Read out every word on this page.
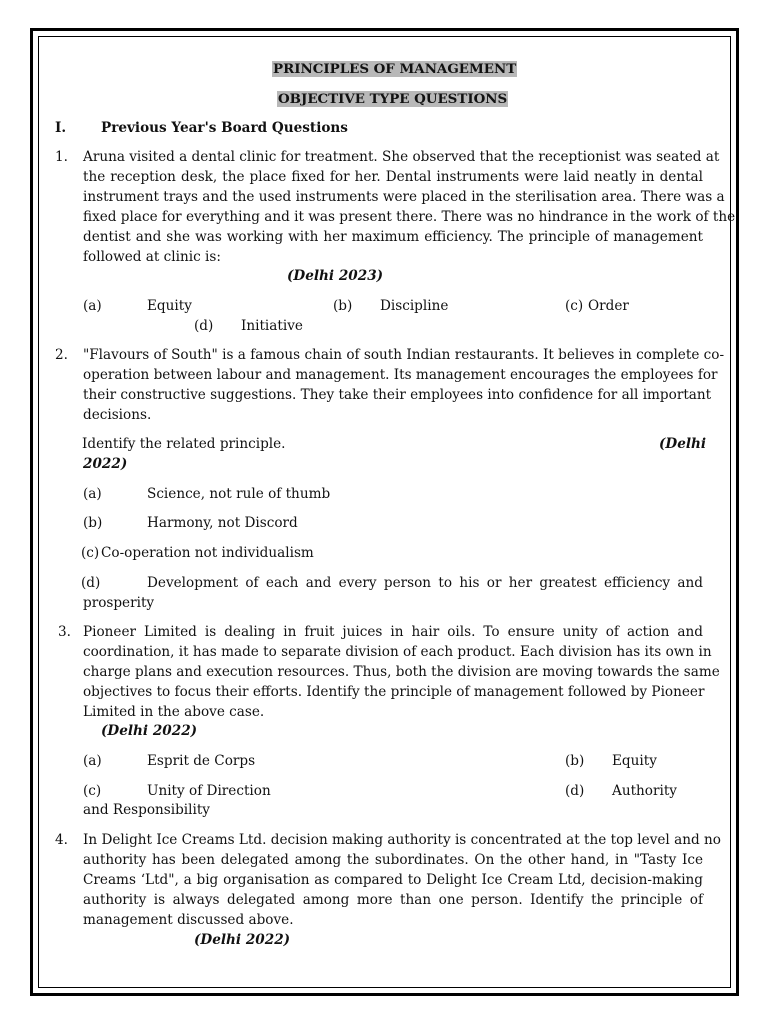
PRINCIPLES OF MANAGEMENT
OBJECTIVE TYPE QUESTIONS
I.	Previous Year's Board Questions
1. Aruna visited a dental clinic for treatment. She observed that the receptionist was seated at
the reception desk, the place fixed for her. Dental instruments were laid neatly in dental
instrument trays and the used instruments were placed in the sterilisation area. There was a
fixed place for everything and it was present there. There was no hindrance in the work of the
dentist and she was working with her maximum efficiency. The principle of management
followed at clinic is:
(Delhi 2023)
(a)	Equity	(b) Discipline	(c) Order
(d) Initiative
2. "Flavours of South" is a famous chain of south Indian restaurants. It believes in complete co-
operation between labour and management. Its management encourages the employees for
their constructive suggestions. They take their employees into confidence for all important
decisions.
Identify the related principle.	(Delhi
2022)
(a)	Science, not rule of thumb
(b)	Harmony, not Discord
(c) Co-operation not individualism
(d)	Development of each and every person to his or her greatest efficiency and
prosperity
3. Pioneer Limited is dealing in fruit juices in hair oils. To ensure unity of action and
coordination, it has made to separate division of each product. Each division has its own in
charge plans and execution resources. Thus, both the division are moving towards the same
objectives to focus their efforts. Identify the principle of management followed by Pioneer
Limited in the above case.
(Delhi 2022)
(a)	Esprit de Corps	(b) Equity
(c)	Unity of Direction	(d) Authority
and Responsibility
4. In Delight Ice Creams Ltd. decision making authority is concentrated at the top level and no
authority has been delegated among the subordinates. On the other hand, in "Tasty Ice
Creams ‘Ltd", a big organisation as compared to Delight Ice Cream Ltd, decision-making
authority is always delegated among more than one person. Identify the principle of
management discussed above.
(Delhi 2022)
